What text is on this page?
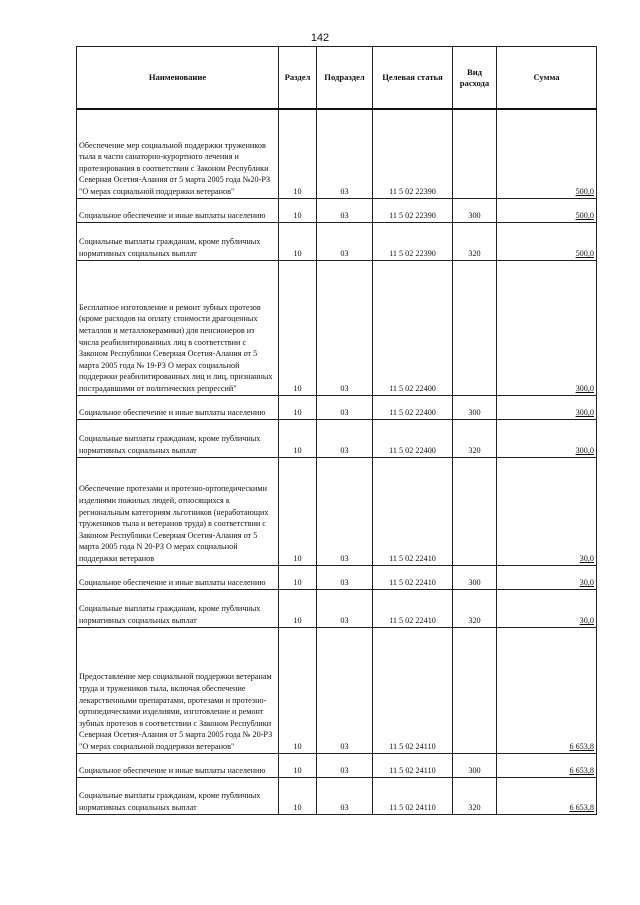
142
Наименование	Раздел	Подраздел	Целевая статья	Вид расхода	Сумма
Обеспечение мер социальной поддержки тружеников тыла в части санаторно-курортного лечения и протезирования в соответствии с Законом Республики Северная Осетия-Алания от 5 марта 2005 года №20-РЗ "О мерах социальной поддержки ветеранов"	10	03	11 5 02 22390		500,0
Социальное обеспечение и иные выплаты населению	10	03	11 5 02 22390	300	500,0
Социальные выплаты гражданам, кроме публичных нормативных социальных выплат	10	03	11 5 02 22390	320	500,0
Бесплатное изготовление и ремонт зубных протезов (кроме расходов на оплату стоимости драгоценных металлов и металлокерамики) для пенсионеров из числа реабилитированных лиц в соответствии с Законом Республики Северная Осетия-Алания от 5 марта 2005 года № 19-РЗ О мерах социальной поддержки реабилитированных лиц и лиц, признанных пострадавшими от политических репрессий"	10	03	11 5 02 22400		300,0
Социальное обеспечение и иные выплаты населению	10	03	11 5 02 22400	300	300,0
Социальные выплаты гражданам, кроме публичных нормативных социальных выплат	10	03	11 5 02 22400	320	300,0
Обеспечение протезами и протезно-ортопедическими изделиями пожилых людей, относящихся к региональным категориям льготников (неработающих тружеников тыла и ветеранов труда) в соответствии с Законом Республики Северная Осетия-Алания от 5 марта 2005 года N 20-РЗ О мерах социальной поддержки ветеранов	10	03	11 5 02 22410		30,0
Социальное обеспечение и иные выплаты населению	10	03	11 5 02 22410	300	30,0
Социальные выплаты гражданам, кроме публичных нормативных социальных выплат	10	03	11 5 02 22410	320	30,0
Предоставление мер социальной поддержки ветеранам труда и тружеников тыла, включая обеспечение лекарственными препаратами, протезами и протезно-ортопедическими изделиями, изготовление и ремонт зубных протезов в соответствии с Законом Республики Северная Осетия-Алания от 5 марта 2005 года № 20-РЗ "О мерах социальной поддержки ветеранов"	10	03	11 5 02 24110		6 653,8
Социальное обеспечение и иные выплаты населению	10	03	11 5 02 24110	300	6 653,8
Социальные выплаты гражданам, кроме публичных нормативных социальных выплат	10	03	11 5 02 24110	320	6 653,8
